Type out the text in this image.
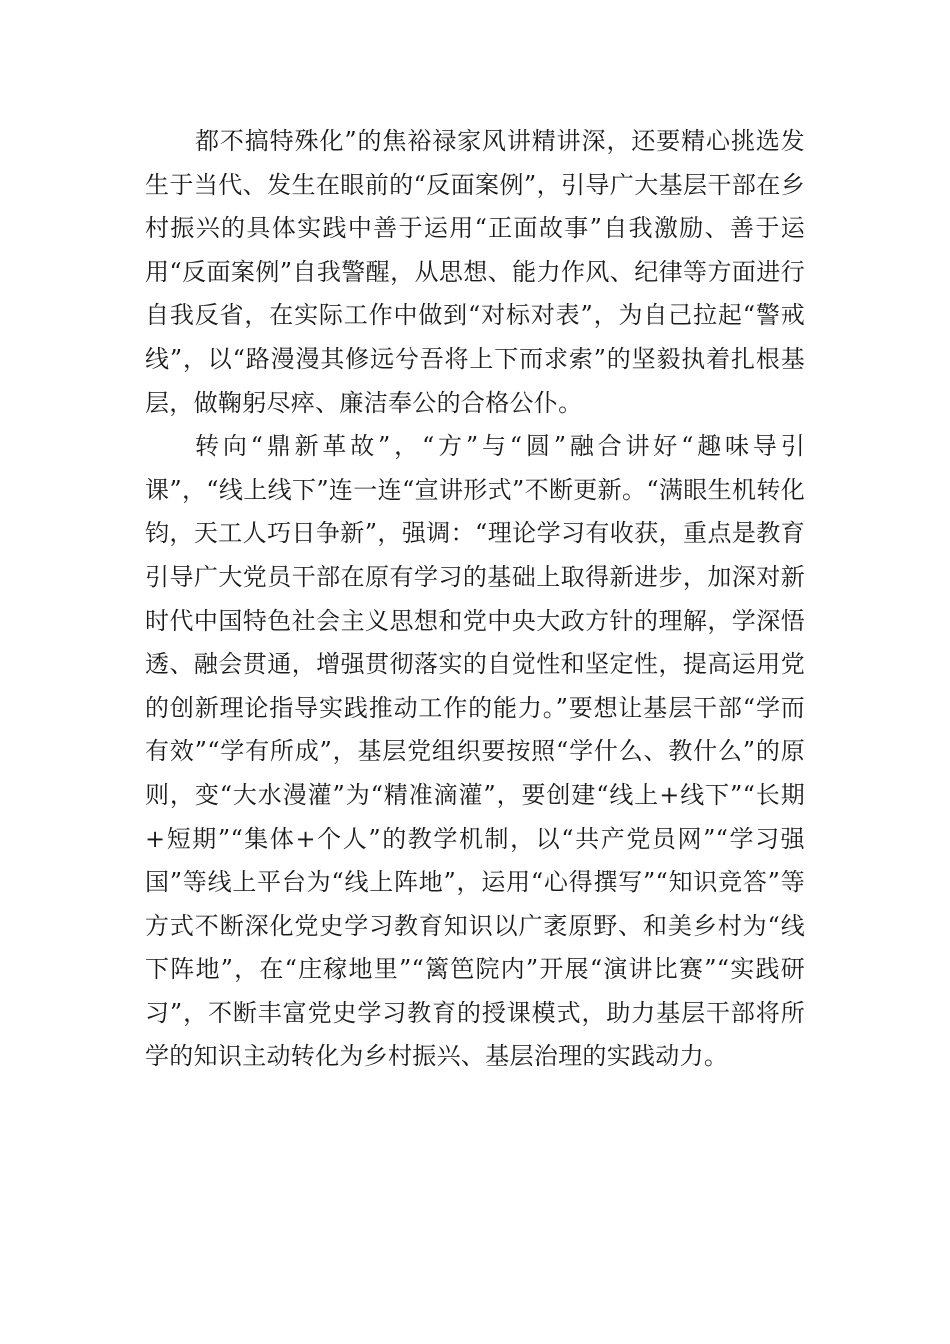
都不搞特殊化”的焦裕禄家风讲精讲深，还要精心挑选发生于当代、发生在眼前的“反面案例”，引导广大基层干部在乡村振兴的具体实践中善于运用“正面故事”自我激励、善于运用“反面案例”自我警醒，从思想、能力作风、纪律等方面进行自我反省，在实际工作中做到“对标对表”，为自己拉起“警戒线”，以“路漫漫其修远兮吾将上下而求索”的坚毅执着扎根基层，做鞠躬尽瘁、廉洁奉公的合格公仆。

转向“鼎新革故”，“方”与“圆”融合讲好“趣味导引课”，“线上线下”连一连“宣讲形式”不断更新。“满眼生机转化钧，天工人巧日争新”，强调：“理论学习有收获，重点是教育引导广大党员干部在原有学习的基础上取得新进步，加深对新时代中国特色社会主义思想和党中央大政方针的理解，学深悟透、融会贯通，增强贯彻落实的自觉性和坚定性，提高运用党的创新理论指导实践推动工作的能力。”要想让基层干部“学而有效”“学有所成”，基层党组织要按照“学什么、教什么”的原则，变“大水漫灌”为“精准滴灌”，要创建“线上+线下”“长期+短期”“集体+个人”的教学机制，以“共产党员网”“学习强国”等线上平台为“线上阵地”，运用“心得撰写”“知识竞答”等方式不断深化党史学习教育知识以广袤原野、和美乡村为“线下阵地”，在“庄稼地里”“篱笆院内”开展“演讲比赛”“实践研习”，不断丰富党史学习教育的授课模式，助力基层干部将所学的知识主动转化为乡村振兴、基层治理的实践动力。
